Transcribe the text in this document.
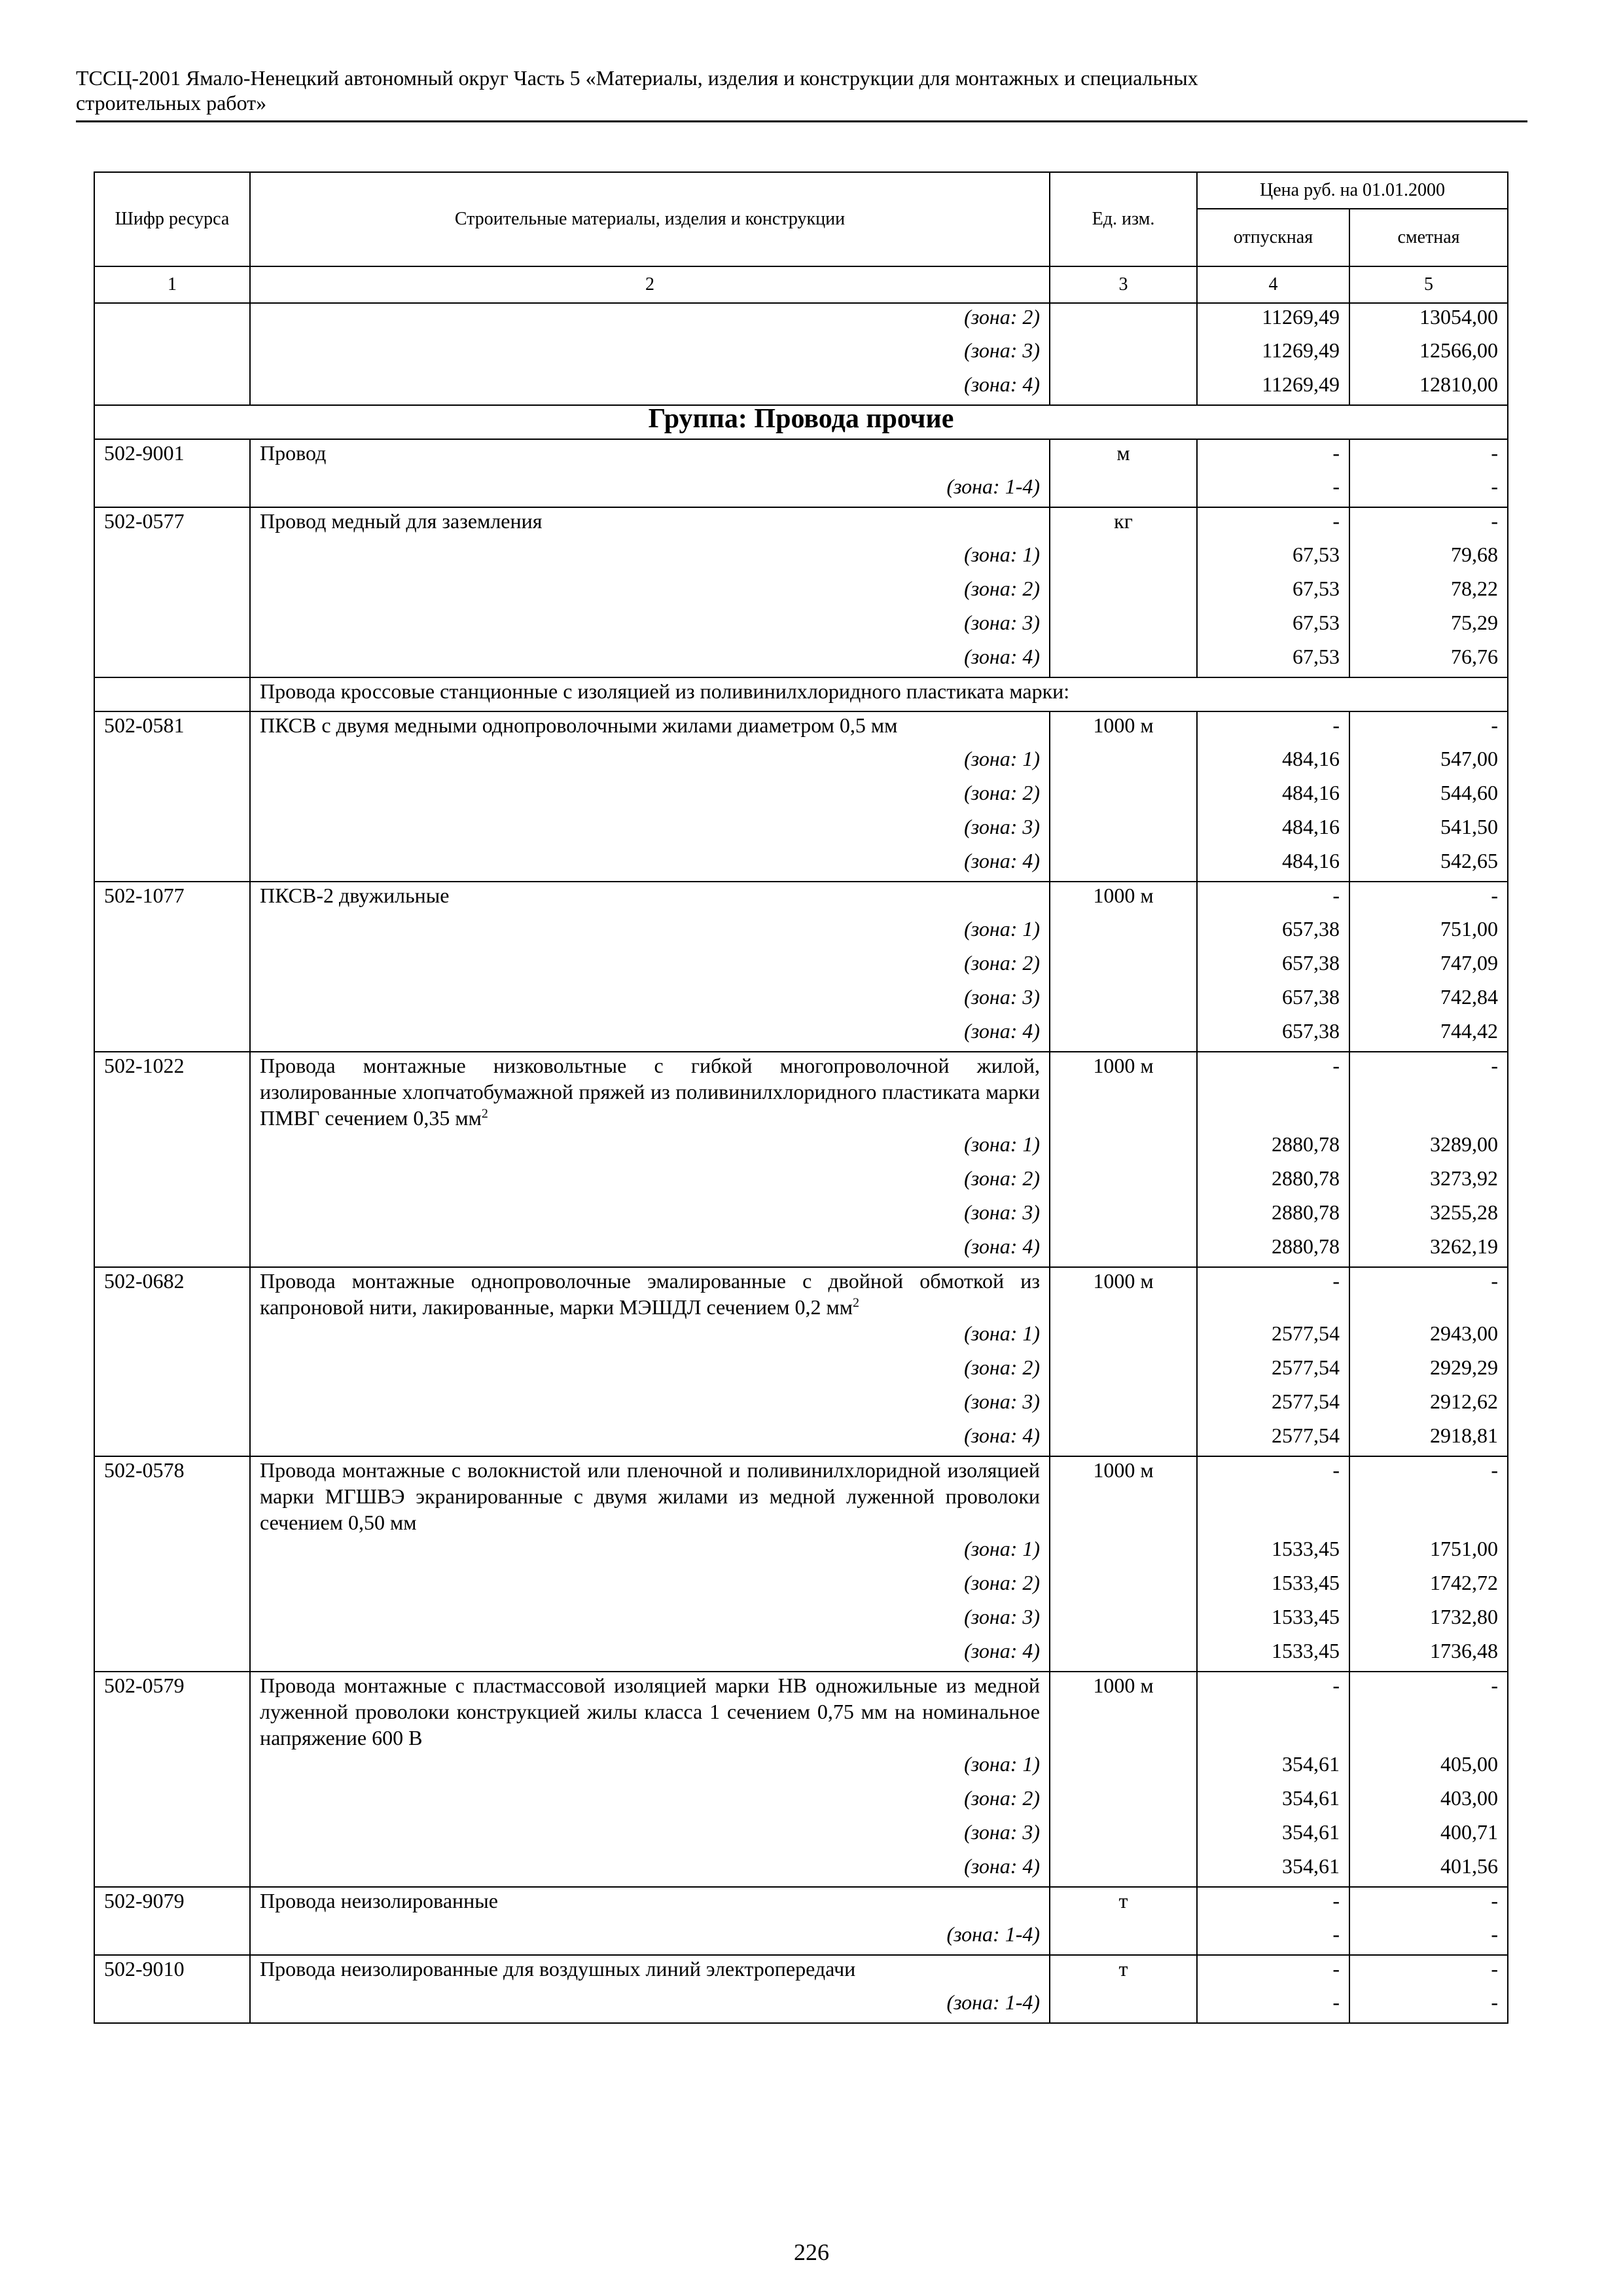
ТССЦ-2001 Ямало-Ненецкий автономный округ Часть 5 «Материалы, изделия и конструкции для монтажных и специальных
строительных работ»
Шифр ресурса	Строительные материалы, изделия и конструкции	Ед. изм.	Цена руб. на 01.01.2000	
			отпускная	сметная
1	2	3	4	5
	(зона: 2)		11269,49	13054,00
	(зона: 3)		11269,49	12566,00
	(зона: 4)		11269,49	12810,00
Группа: Провода прочие				
502-9001	Провод	м	-	-
	(зона: 1-4)		-	-
502-0577	Провод медный для заземления	кг	-	-
	(зона: 1)		67,53	79,68
	(зона: 2)		67,53	78,22
	(зона: 3)		67,53	75,29
	(зона: 4)		67,53	76,76
	Провода кроссовые станционные с изоляцией из поливинилхлоридного пластиката марки:			
502-0581	ПКСВ с двумя медными однопроволочными жилами диаметром 0,5 мм	1000 м	-	-
	(зона: 1)		484,16	547,00
	(зона: 2)		484,16	544,60
	(зона: 3)		484,16	541,50
	(зона: 4)		484,16	542,65
502-1077	ПКСВ-2 двужильные	1000 м	-	-
	(зона: 1)		657,38	751,00
	(зона: 2)		657,38	747,09
	(зона: 3)		657,38	742,84
	(зона: 4)		657,38	744,42
502-1022	Провода монтажные низковольтные с гибкой многопроволочной жилой, изолированные хлопчатобумажной пряжей из поливинилхлоридного пластиката марки ПМВГ сечением 0,35 $мм^2$	1000 м	-	-
	(зона: 1)		2880,78	3289,00
	(зона: 2)		2880,78	3273,92
	(зона: 3)		2880,78	3255,28
	(зона: 4)		2880,78	3262,19
502-0682	Провода монтажные однопроволочные эмалированные с двойной обмоткой из капроновой нити, лакированные, марки МЭШДЛ сечением 0,2 $мм^2$	1000 м	-	-
	(зона: 1)		2577,54	2943,00
	(зона: 2)		2577,54	2929,29
	(зона: 3)		2577,54	2912,62
	(зона: 4)		2577,54	2918,81
502-0578	Провода монтажные с волокнистой или пленочной и поливинилхлоридной изоляцией марки МГШВЭ экранированные с двумя жилами из медной луженной проволоки сечением 0,50 мм	1000 м	-	-
	(зона: 1)		1533,45	1751,00
	(зона: 2)		1533,45	1742,72
	(зона: 3)		1533,45	1732,80
	(зона: 4)		1533,45	1736,48
502-0579	Провода монтажные с пластмассовой изоляцией марки НВ одножильные из медной луженной проволоки конструкцией жилы класса 1 сечением 0,75 мм на номинальное напряжение 600 В	1000 м	-	-
	(зона: 1)		354,61	405,00
	(зона: 2)		354,61	403,00
	(зона: 3)		354,61	400,71
	(зона: 4)		354,61	401,56
502-9079	Провода неизолированные	т	-	-
	(зона: 1-4)		-	-
502-9010	Провода неизолированные для воздушных линий электропередачи	т	-	-
	(зона: 1-4)		-	-
226
